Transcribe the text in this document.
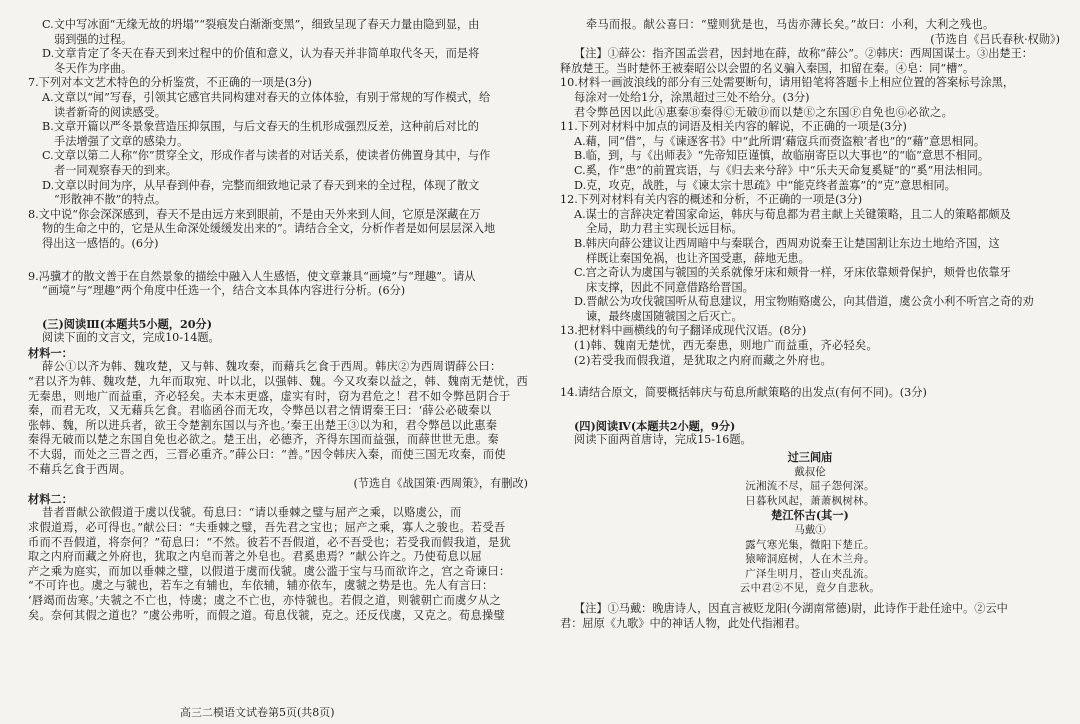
C.文中写冰面“无缘无故的坍塌”“裂痕发白渐渐变黑”，细致呈现了春天力量由隐到显，由
弱到强的过程。
D.文章肯定了冬天在春天到来过程中的价值和意义，认为春天并非简单取代冬天，而是将
冬天作为序曲。
7.下列对本文艺术特色的分析鉴赏，不正确的一项是(3分)
A.文章以“闻”写春，引领其它感官共同构建对春天的立体体验，有别于常规的写作模式，给
读者新奇的阅读感受。
B.文章开篇以严冬景象营造压抑氛围，与后文春天的生机形成强烈反差，这种前后对比的
手法增强了文章的感染力。
C.文章以第二人称“你”贯穿全文，形成作者与读者的对话关系，使读者仿佛置身其中，与作
者一同观察春天的到来。
D.文章以时间为序，从早春到仲春，完整而细致地记录了春天到来的全过程，体现了散文
“形散神不散”的特点。
8.文中说“你会深深感到，春天不是由远方来到眼前，不是由天外来到人间，它原是深藏在万
物的生命之中的，它是从生命深处缓缓发出来的”。请结合全文，分析作者是如何层层深入地
得出这一感悟的。(6分)
9.冯骥才的散文善于在自然景象的描绘中融入人生感悟，使文章兼具“画境”与“理趣”。请从
“画境”与“理趣”两个角度中任选一个，结合文本具体内容进行分析。(6分)
(三)阅读Ⅲ(本题共5小题，20分)
阅读下面的文言文，完成10-14题。
材料一：
薛公①以齐为韩、魏攻楚，又与韩、魏攻秦，而藉兵乞食于西周。韩庆②为西周谓薛公曰：
“君以齐为韩、魏攻楚，九年而取宛、叶以北，以强韩、魏。今又攻秦以益之，韩、魏南无楚忧，西
无秦患，则地广而益重，齐必轻矣。夫本末更盛，虚实有时，窃为君危之！君不如令弊邑阴合于
秦，而君无攻，又无藉兵乞食。君临函谷而无攻，令弊邑以君之情谓秦王曰：‘薛公必破秦以
张韩、魏，所以进兵者，欲王令楚割东国以与齐也。’秦王出楚王③以为和，君令弊邑以此惠秦
秦得无破而以楚之东国自免也必欲之。楚王出，必德齐，齐得东国而益强，而薛世世无患。秦
不大弱，而处之三晋之西，三晋必重齐。”薛公曰：“善。”因令韩庆入秦，而使三国无攻秦，而使
不藉兵乞食于西周。
(节选自《战国策·西周策》，有删改)
材料二：
昔者晋献公欲假道于虞以伐虢。荀息曰：“请以垂棘之璧与屈产之乘，以赂虞公，而
求假道焉，必可得也。”献公曰：“夫垂棘之璧，吾先君之宝也；屈产之乘，寡人之骏也。若受吾
币而不吾假道，将奈何？”荀息曰：“不然。彼若不吾假道，必不吾受也；若受我而假我道，是犹
取之内府而藏之外府也，犹取之内皂而著之外皂也。君奚患焉？”献公许之。乃使荀息以屈
产之乘为庭实，而加以垂棘之璧，以假道于虞而伐虢。虞公滥于宝与马而欲许之，宫之奇谏曰：
“不可许也。虞之与虢也，若车之有辅也，车依辅，辅亦依车，虞虢之势是也。先人有言曰：
‘唇竭而齿寒。’夫虢之不亡也，恃虞；虞之不亡也，亦恃虢也。若假之道，则虢朝亡而虞夕从之
矣。奈何其假之道也？”虞公弗听，而假之道。荀息伐虢，克之。还反伐虞，又克之。荀息操璧
牵马而报。献公喜曰：“璧则犹是也，马齿亦薄长矣。”故曰：小利，大利之残也。
(节选自《吕氏春秋·权勋》)
【注】①薛公：指齐国孟尝君，因封地在薛，故称“薛公”。②韩庆：西周国谋士。③出楚王：
释放楚王。当时楚怀王被秦昭公以会盟的名义骗入秦国，扣留在秦。④皂：同“槽”。
10.材料一画波浪线的部分有三处需要断句，请用铅笔将答题卡上相应位置的答案标号涂黑，
每涂对一处给1分，涂黑超过三处不给分。(3分)
君令弊邑因以此Ⓐ惠秦Ⓑ秦得Ⓒ无破Ⓓ而以楚Ⓔ之东国Ⓕ自免也Ⓖ必欲之。
11.下列对材料中加点的词语及相关内容的解说，不正确的一项是(3分)
A.藉，同“借”，与《谏逐客书》中“此所谓‘藉寇兵而赍盗粮’者也”的“藉”意思相同。
B.临，到，与《出师表》“先帝知臣谨慎，故临崩寄臣以大事也”的“临”意思不相同。
C.奚，作“患”的前置宾语，与《归去来兮辞》中“乐夫天命复奚疑”的“奚”用法相同。
D.克，攻克，战胜，与《谏太宗十思疏》中“能克终者盖寡”的“克”意思相同。
12.下列对材料有关内容的概述和分析，不正确的一项是(3分)
A.谋士的言辞决定着国家命运，韩庆与荀息都为君主献上关键策略，且二人的策略都颇及
全局，助力君主实现长远目标。
B.韩庆向薛公建议让西周暗中与秦联合，西周劝说秦王让楚国割让东边土地给齐国，这
样既让秦国免祸，也让齐国受惠，薛地无患。
C.宫之奇认为虞国与虢国的关系就像牙床和颊骨一样，牙床依靠颊骨保护，颊骨也依靠牙
床支撑，因此不同意借路给晋国。
D.晋献公为攻伐虢国听从荀息建议，用宝物贿赂虞公，向其借道，虞公贪小利不听宫之奇的劝
谏，最终虞国随虢国之后灭亡。
13.把材料中画横线的句子翻译成现代汉语。(8分)
(1)韩、魏南无楚忧，西无秦患，则地广而益重，齐必轻矣。
(2)若受我而假我道，是犹取之内府而藏之外府也。
14.请结合原文，简要概括韩庆与荀息所献策略的出发点(有何不同)。(3分)
(四)阅读Ⅳ(本题共2小题，9分)
阅读下面两首唐诗，完成15-16题。
过三闾庙
戴叔伦
沅湘流不尽，屈子怨何深。
日暮秋风起，萧萧枫树林。
楚江怀古(其一)
马戴①
露气寒光集，微阳下楚丘。
猿啼洞庭树，人在木兰舟。
广泽生明月，苍山夹乱流。
云中君②不见，竟夕自悲秋。
【注】①马戴：晚唐诗人，因直言被贬龙阳(今湖南常德)尉，此诗作于赴任途中。②云中
君：屈原《九歌》中的神话人物，此处代指湘君。
高三二模语文试卷第5页(共8页)
